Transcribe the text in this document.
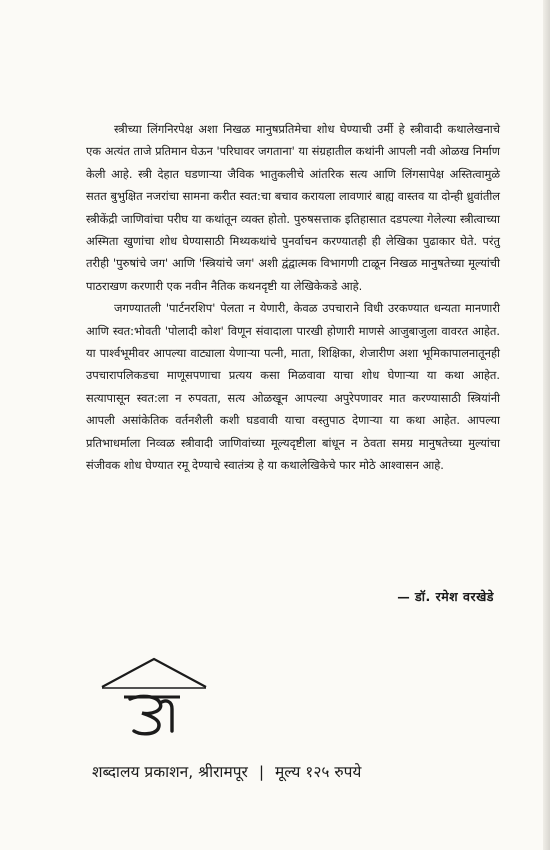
स्त्रीच्या लिंगनिरपेक्ष अशा निखळ मानुषप्रतिमेचा शोध घेण्याची उर्मी हे स्त्रीवादी कथालेखनाचे एक अत्यंत ताजे प्रतिमान घेऊन 'परिघावर जगताना' या संग्रहातील कथांनी आपली नवी ओळख निर्माण केली आहे. स्त्री देहात घडणाऱ्या जैविक भातुकलीचे आंतरिक सत्य आणि लिंगसापेक्ष अस्तित्वामुळे सतत बुभुक्षित नजरांचा सामना करीत स्वत:चा बचाव करायला लावणारं बाह्य वास्तव या दोन्ही ध्रुवांतील स्त्रीकेंद्री जाणिवांचा परीघ या कथांतून व्यक्त होतो. पुरुषसत्ताक इतिहासात दडपल्या गेलेल्या स्त्रीत्वाच्या अस्मिता खुणांचा शोध घेण्यासाठी मिथ्यकथांचे पुनर्वाचन करण्यातही ही लेखिका पुढाकार घेते. परंतु तरीही 'पुरुषांचे जग' आणि 'स्त्रियांचे जग' अशी द्वंद्वात्मक विभागणी टाळून निखळ मानुषतेच्या मूल्यांची पाठराखण करणारी एक नवीन नैतिक कथनदृष्टी या लेखिकेकडे आहे.

जगण्यातली 'पार्टनरशिप' पेलता न येणारी, केवळ उपचाराने विधी उरकण्यात धन्यता मानणारी आणि स्वत:भोवती 'पोलादी कोश' विणून संवादाला पारखी होणारी माणसे आजुबाजुला वावरत आहेत. या पार्श्वभूमीवर आपल्या वाट्याला येणाऱ्या पत्नी, माता, शिक्षिका, शेजारीण अशा भूमिकापालनातूनही उपचारापलिकडचा माणूसपणाचा प्रत्यय कसा मिळवावा याचा शोध घेणाऱ्या या कथा आहेत. सत्यापासून स्वत:ला न रुपवता, सत्य ओळखून आपल्या अपुरेपणावर मात करण्यासाठी स्त्रियांनी आपली असांकेतिक वर्तनशैली कशी घडवावी याचा वस्तुपाठ देणाऱ्या या कथा आहेत. आपल्या प्रतिभाधर्माला निव्वळ स्त्रीवादी जाणिवांच्या मूल्यदृष्टीला बांधून न ठेवता समग्र मानुषतेच्या मुल्यांचा संजीवक शोध घेण्यात रमू देण्याचे स्वातंत्र्य हे या कथालेखिकेचे फार मोठे आश्वासन आहे.

— डॉ. रमेश वरखेडे
शब्दालय प्रकाशन, श्रीरामपूर | मूल्य १२५ रुपये
